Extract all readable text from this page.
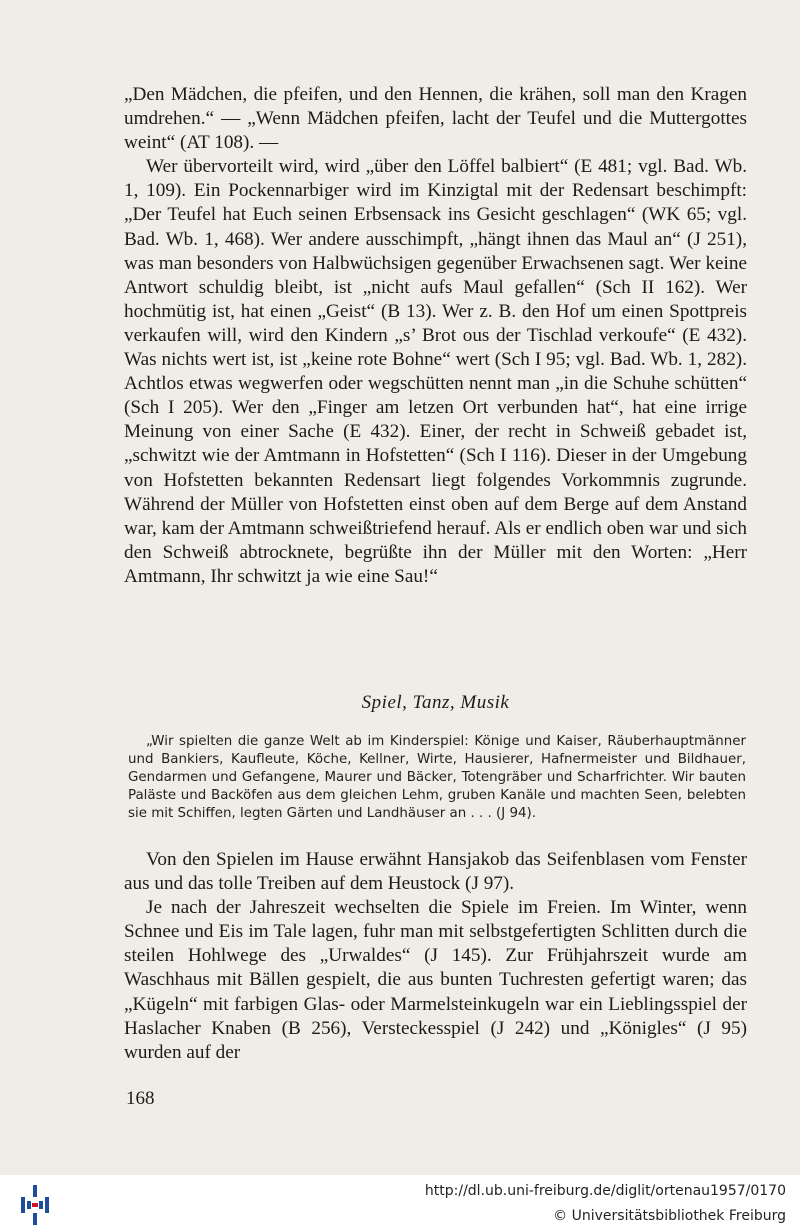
„Den Mädchen, die pfeifen, und den Hennen, die krähen, soll man den Kragen umdrehen.“ — „Wenn Mädchen pfeifen, lacht der Teufel und die Muttergottes weint“ (AT 108). —

Wer übervorteilt wird, wird „über den Löffel balbiert“ (E 481; vgl. Bad. Wb. 1, 109). Ein Pockennarbiger wird im Kinzigtal mit der Redensart beschimpft: „Der Teufel hat Euch seinen Erbsensack ins Gesicht geschlagen“ (WK 65; vgl. Bad. Wb. 1, 468). Wer andere ausschimpft, „hängt ihnen das Maul an“ (J 251), was man besonders von Halbwüchsigen gegenüber Erwachsenen sagt. Wer keine Antwort schuldig bleibt, ist „nicht aufs Maul gefallen“ (Sch II 162). Wer hochmütig ist, hat einen „Geist“ (B 13). Wer z. B. den Hof um einen Spottpreis verkaufen will, wird den Kindern „s’ Brot ous der Tischlad verkoufe“ (E 432). Was nichts wert ist, ist „keine rote Bohne“ wert (Sch I 95; vgl. Bad. Wb. 1, 282). Achtlos etwas wegwerfen oder wegschütten nennt man „in die Schuhe schütten“ (Sch I 205). Wer den „Finger am letzen Ort verbunden hat“, hat eine irrige Meinung von einer Sache (E 432). Einer, der recht in Schweiß gebadet ist, „schwitzt wie der Amtmann in Hofstetten“ (Sch I 116). Dieser in der Umgebung von Hofstetten bekannten Redensart liegt folgendes Vorkommnis zugrunde. Während der Müller von Hofstetten einst oben auf dem Berge auf dem Anstand war, kam der Amtmann schweißtriefend herauf. Als er endlich oben war und sich den Schweiß abtrocknete, begrüßte ihn der Müller mit den Worten: „Herr Amtmann, Ihr schwitzt ja wie eine Sau!“

Spiel, Tanz, Musik
„Wir spielten die ganze Welt ab im Kinderspiel: Könige und Kaiser, Räuberhauptmänner und Bankiers, Kaufleute, Köche, Kellner, Wirte, Hausierer, Hafnermeister und Bildhauer, Gendarmen und Gefangene, Maurer und Bäcker, Totengräber und Scharfrichter. Wir bauten Paläste und Backöfen aus dem gleichen Lehm, gruben Kanäle und machten Seen, belebten sie mit Schiffen, legten Gärten und Landhäuser an . . . (J 94).

Von den Spielen im Hause erwähnt Hansjakob das Seifenblasen vom Fenster aus und das tolle Treiben auf dem Heustock (J 97).

Je nach der Jahreszeit wechselten die Spiele im Freien. Im Winter, wenn Schnee und Eis im Tale lagen, fuhr man mit selbstgefertigten Schlitten durch die steilen Hohlwege des „Urwaldes“ (J 145). Zur Frühjahrszeit wurde am Waschhaus mit Bällen gespielt, die aus bunten Tuchresten gefertigt waren; das „Kügeln“ mit farbigen Glas- oder Marmelsteinkugeln war ein Lieblingsspiel der Haslacher Knaben (B 256), Versteckesspiel (J 242) und „Königles“ (J 95) wurden auf der

168
http://dl.ub.uni-freiburg.de/diglit/ortenau1957/0170
© Universitätsbibliothek Freiburg
